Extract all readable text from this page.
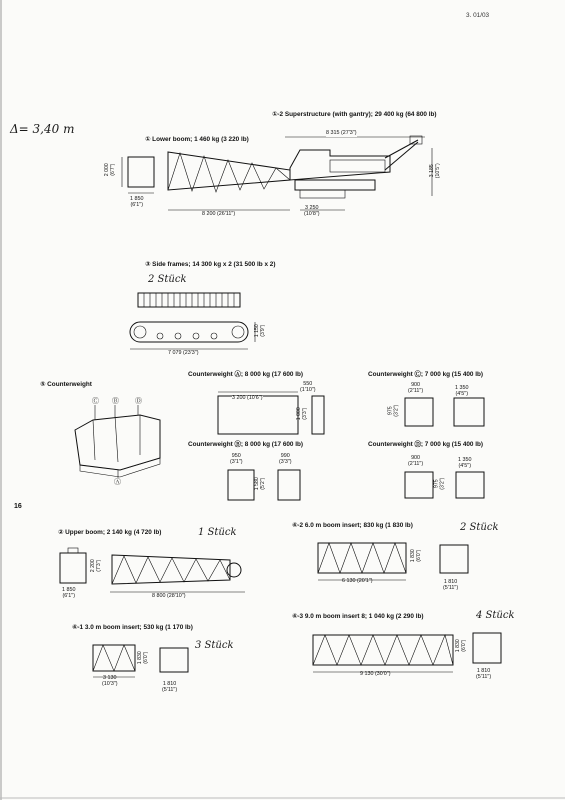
3. 01/03
Δ= 3,40 m
①-2 Superstructure (with gantry); 29 400 kg (64 800 lb)
8 315 (27'3")
3 185
(10'5")
3 250
(10'8")
① Lower boom; 1 460 kg (3 220 lb)
2 000
(6'7")
1 850
(6'1")
8 200 (26'11")
③ Side frames; 14 300 kg x 2 (31 500 lb x 2)
2 Stück
1 150
(3'9")
7 079 (23'3")
⑤ Counterweight
Ⓒ Ⓑ Ⓓ
Ⓐ
Counterweight Ⓐ; 8 000 kg (17 600 lb)
3 200 (10'6")
550
(1'10")
1 000
(3'3")
Counterweight Ⓒ; 7 000 kg (15 400 lb)
900
(2'11")	1 350
(4'5")
975
(3'2")
Counterweight Ⓑ; 8 000 kg (17 600 lb)
950
(3'1")
990
(3'3")
1 580
(5'2")
Counterweight Ⓓ; 7 000 kg (15 400 lb)
900
(2'11")
1 350
(4'5")
975
(3'2")
16
② Upper boom; 2 140 kg (4 720 lb)	1 Stück
2 200
(7'3")
1 850
(6'1")	8 800 (28'10")
④-2 6.0 m boom insert; 830 kg (1 830 lb)	2 Stück
1 830
(6'0")
6 130 (20'1")	1 810
(5'11")
④-1 3.0 m boom insert; 530 kg (1 170 lb)
3 Stück
1 830
(6'0")
3 130
(10'3")	1 810
(5'11")
④-3 9.0 m boom insert 8; 1 040 kg (2 290 lb)	4 Stück
1 830
(6'0")
9 130 (30'0")	1 810
(5'11")
